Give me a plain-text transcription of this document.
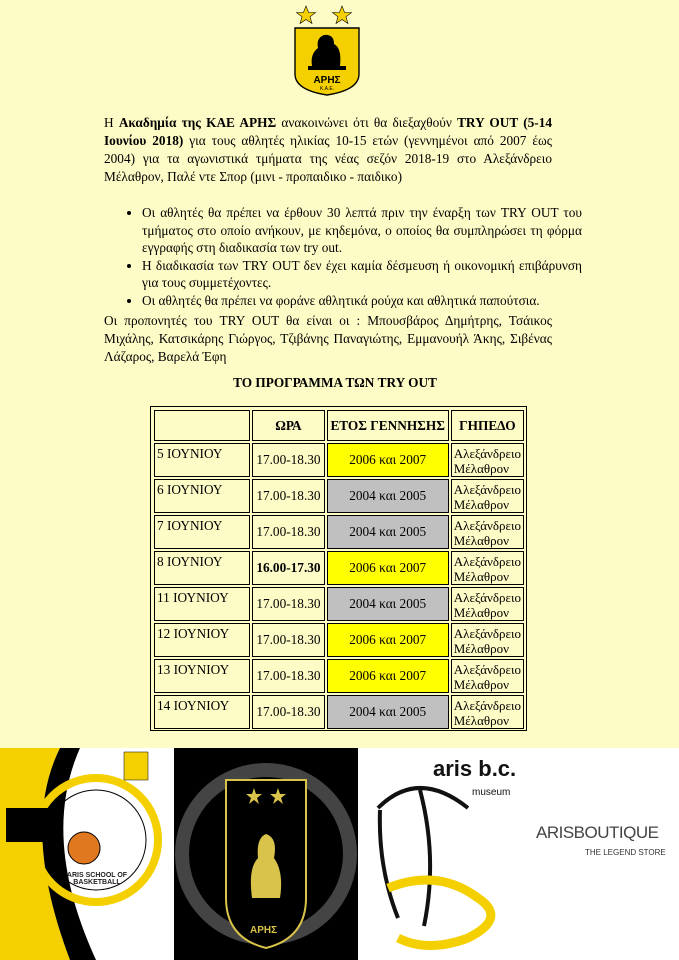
ΑΡΗΣ
Κ.Α.Ε.
Η Ακαδημία της ΚΑΕ ΑΡΗΣ ανακοινώνει ότι θα διεξαχθούν TRY OUT (5-14 Ιουνίου 2018) για τους αθλητές ηλικίας 10-15 ετών (γεννημένοι από 2007 έως 2004) για τα αγωνιστικά τμήματα της νέας σεζόν 2018-19 στο Αλεξάνδρειο Μέλαθρον, Παλέ ντε Σπορ (μινι - προπαιδικο - παιδικο)
• Οι αθλητές θα πρέπει να έρθουν 30 λεπτά πριν την έναρξη των TRY OUT του τμήματος στο οποίο ανήκουν, με κηδεμόνα, ο οποίος θα συμπληρώσει τη φόρμα εγγραφής στη διαδικασία των try out.
• Η διαδικασία των TRY OUT δεν έχει καμία δέσμευση ή οικονομική επιβάρυνση για τους συμμετέχοντες.
• Οι αθλητές θα πρέπει να φοράνε αθλητικά ρούχα και αθλητικά παπούτσια.
Οι προπονητές του TRY OUT θα είναι οι : Μπουσβάρος Δημήτρης, Τσάικος Μιχάλης, Κατσικάρης Γιώργος, Τζιβάνης Παναγιώτης, Εμμανουήλ Άκης, Σιβένας Λάζαρος, Βαρελά Έφη
ΤΟ ΠΡΟΓΡΑΜΜΑ ΤΩΝ TRY OUT
	ΩΡΑ	ΕΤΟΣ ΓΕΝΝΗΣΗΣ	ΓΗΠΕΔΟ
5 ΙΟΥΝΙΟΥ	17.00-18.30	2006 και 2007	Αλεξάνδρειο
Μέλαθρον
6 ΙΟΥΝΙΟΥ	17.00-18.30	2004 και 2005	Αλεξάνδρειο
Μέλαθρον
7 ΙΟΥΝΙΟΥ	17.00-18.30	2004 και 2005	Αλεξάνδρειο
Μέλαθρον
8 ΙΟΥΝΙΟΥ	16.00-17.30	2006 και 2007	Αλεξάνδρειο
Μέλαθρον
11 ΙΟΥΝΙΟΥ	17.00-18.30	2004 και 2005	Αλεξάνδρειο
Μέλαθρον
12 ΙΟΥΝΙΟΥ	17.00-18.30	2006 και 2007	Αλεξάνδρειο
Μέλαθρον
13 ΙΟΥΝΙΟΥ	17.00-18.30	2006 και 2007	Αλεξάνδρειο
Μέλαθρον
14 ΙΟΥΝΙΟΥ	17.00-18.30	2004 και 2005	Αλεξάνδρειο
Μέλαθρον
ARIS SCHOOL OF BASKETBALL
ΑΡΗΣ
aris b.c.
museum
ARISBOUTIQUE
THE LEGEND STORE
